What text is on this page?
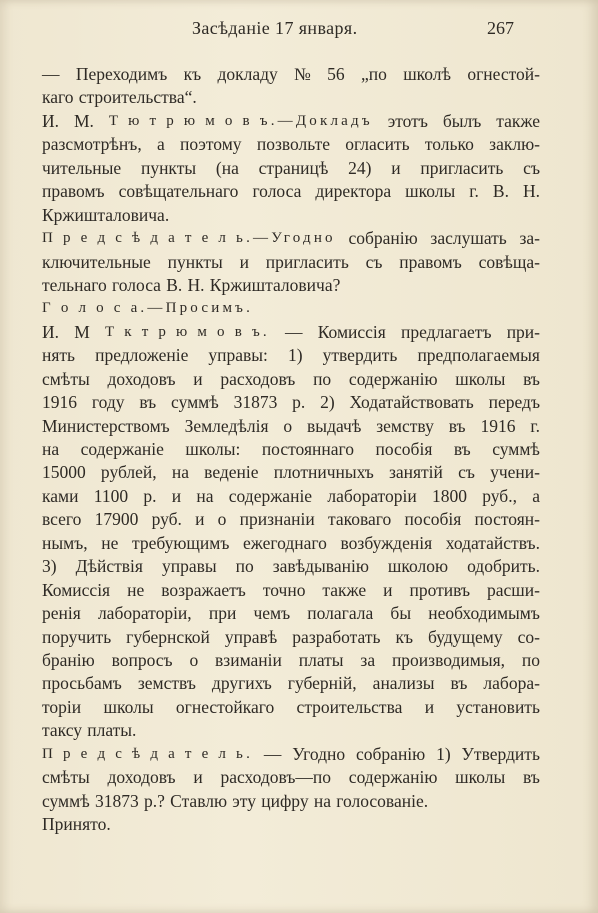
Засѣданіе 17 января.	267
— Переходимъ къ докладу № 56 „по школѣ огнестой-
каго строительства“.
И. М. Т ю т р ю м о в ъ.—Докладъ этотъ былъ также
разсмотрѣнъ, а поэтому позвольте огласить только заклю-
чительные пункты (на страницѣ 24) и пригласить съ
правомъ совѣщательнаго голоса директора школы г. В. Н.
Кржишталовича.
П р е д с ѣ д а т е л ь.—Угодно собранію заслушать за-
ключительные пункты и пригласить съ правомъ совѣща-
тельнаго голоса В. Н. Кржишталовича?
Г о л о с а.—Просимъ.
И. М Т к т р ю м о в ъ. — Комиссія предлагаетъ при-
нять предложеніе управы: 1) утвердить предполагаемыя
смѣты доходовъ и расходовъ по содержанію школы въ
1916 году въ суммѣ 31873 р. 2) Ходатайствовать передъ
Министерствомъ Земледѣлія о выдачѣ земству въ 1916 г.
на содержаніе школы: постояннаго пособія въ суммѣ
15000 рублей, на веденіе плотничныхъ занятій съ учени-
ками 1100 р. и на содержаніе лабораторіи 1800 руб., а
всего 17900 руб. и о признаніи таковаго пособія постоян-
нымъ, не требующимъ ежегоднаго возбужденія ходатайствъ.
3) Дѣйствія управы по завѣдыванію школою одобрить.
Комиссія не возражаетъ точно также и противъ расши-
ренія лабораторіи, при чемъ полагала бы необходимымъ
поручить губернской управѣ разработать къ будущему со-
бранію вопросъ о взиманіи платы за производимыя, по
просьбамъ земствъ другихъ губерній, анализы въ лабора-
торіи школы огнестойкаго строительства и установить
таксу платы.
П р е д с ѣ д а т е л ь. — Угодно собранію 1) Утвердить
смѣты доходовъ и расходовъ—по содержанію школы въ
суммѣ 31873 р.? Ставлю эту цифру на голосованіе.
Принято.
